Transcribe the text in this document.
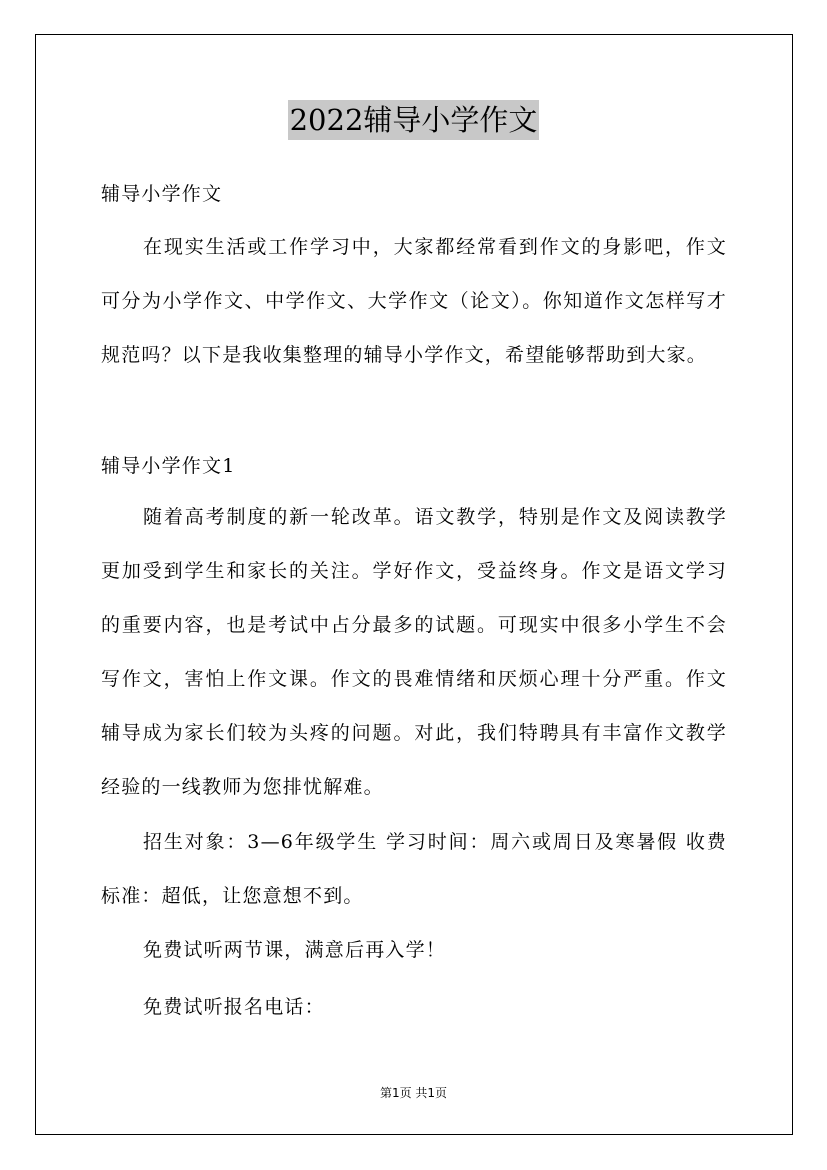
2022辅导小学作文
辅导小学作文
在现实生活或工作学习中，大家都经常看到作文的身影吧，作文
可分为小学作文、中学作文、大学作文（论文）。你知道作文怎样写才
规范吗？以下是我收集整理的辅导小学作文，希望能够帮助到大家。
辅导小学作文1
随着高考制度的新一轮改革。语文教学，特别是作文及阅读教学
更加受到学生和家长的关注。学好作文，受益终身。作文是语文学习
的重要内容，也是考试中占分最多的试题。可现实中很多小学生不会
写作文，害怕上作文课。作文的畏难情绪和厌烦心理十分严重。作文
辅导成为家长们较为头疼的问题。对此，我们特聘具有丰富作文教学
经验的一线教师为您排忧解难。
招生对象：3—6年级学生 学习时间：周六或周日及寒暑假 收费
标准：超低，让您意想不到。
免费试听两节课，满意后再入学！
免费试听报名电话：
第1页 共1页
